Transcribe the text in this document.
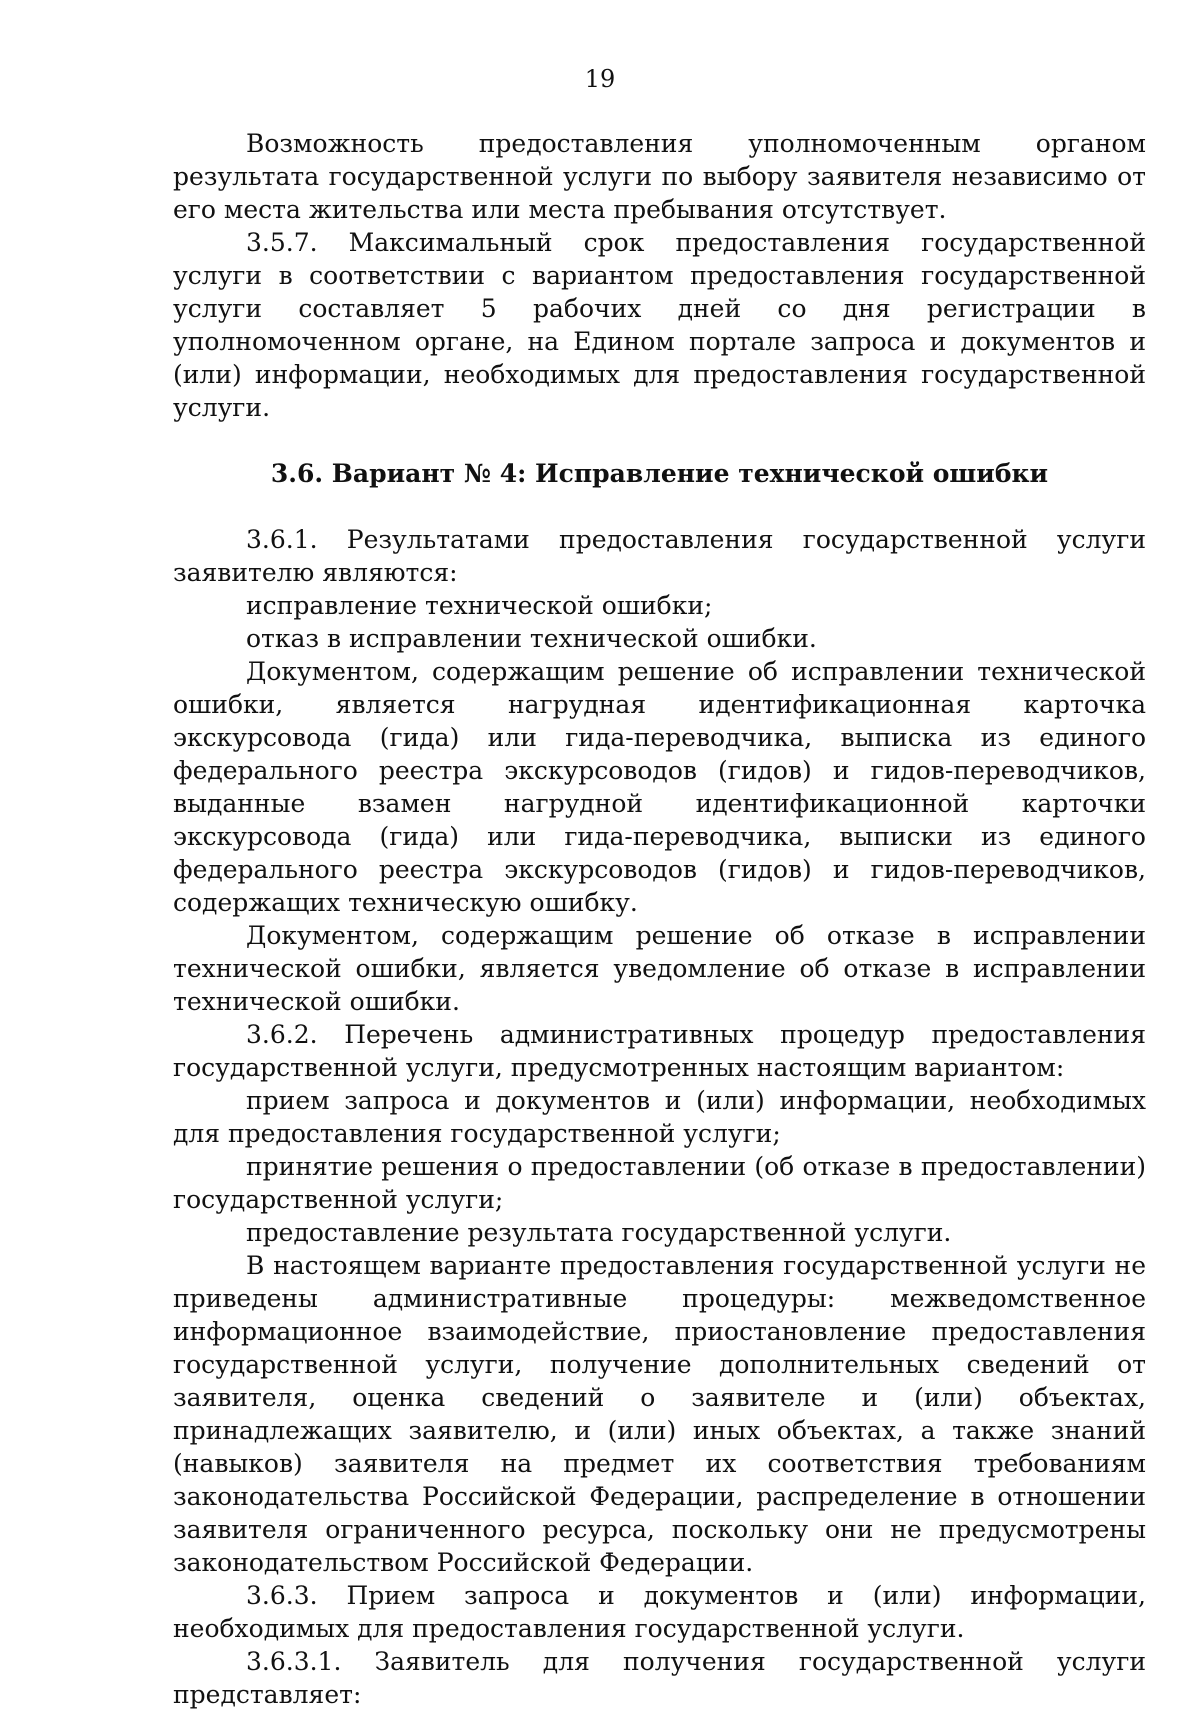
19

Возможность предоставления уполномоченным органом результата государственной услуги по выбору заявителя независимо от его места жительства или места пребывания отсутствует.

3.5.7. Максимальный срок предоставления государственной услуги в соответствии с вариантом предоставления государственной услуги составляет 5 рабочих дней со дня регистрации в уполномоченном органе, на Едином портале запроса и документов и (или) информации, необходимых для предоставления государственной услуги.

3.6. Вариант № 4: Исправление технической ошибки

3.6.1. Результатами предоставления государственной услуги заявителю являются:

исправление технической ошибки;

отказ в исправлении технической ошибки.

Документом, содержащим решение об исправлении технической ошибки, является нагрудная идентификационная карточка экскурсовода (гида) или гида-переводчика, выписка из единого федерального реестра экскурсоводов (гидов) и гидов-переводчиков, выданные взамен нагрудной идентификационной карточки экскурсовода (гида) или гида-переводчика, выписки из единого федерального реестра экскурсоводов (гидов) и гидов-переводчиков, содержащих техническую ошибку.

Документом, содержащим решение об отказе в исправлении технической ошибки, является уведомление об отказе в исправлении технической ошибки.

3.6.2. Перечень административных процедур предоставления государственной услуги, предусмотренных настоящим вариантом:

прием запроса и документов и (или) информации, необходимых для предоставления государственной услуги;

принятие решения о предоставлении (об отказе в предоставлении) государственной услуги;

предоставление результата государственной услуги.

В настоящем варианте предоставления государственной услуги не приведены административные процедуры: межведомственное информационное взаимодействие, приостановление предоставления государственной услуги, получение дополнительных сведений от заявителя, оценка сведений о заявителе и (или) объектах, принадлежащих заявителю, и (или) иных объектах, а также знаний (навыков) заявителя на предмет их соответствия требованиям законодательства Российской Федерации, распределение в отношении заявителя ограниченного ресурса, поскольку они не предусмотрены законодательством Российской Федерации.

3.6.3. Прием запроса и документов и (или) информации, необходимых для предоставления государственной услуги.

3.6.3.1. Заявитель для получения государственной услуги представляет:
